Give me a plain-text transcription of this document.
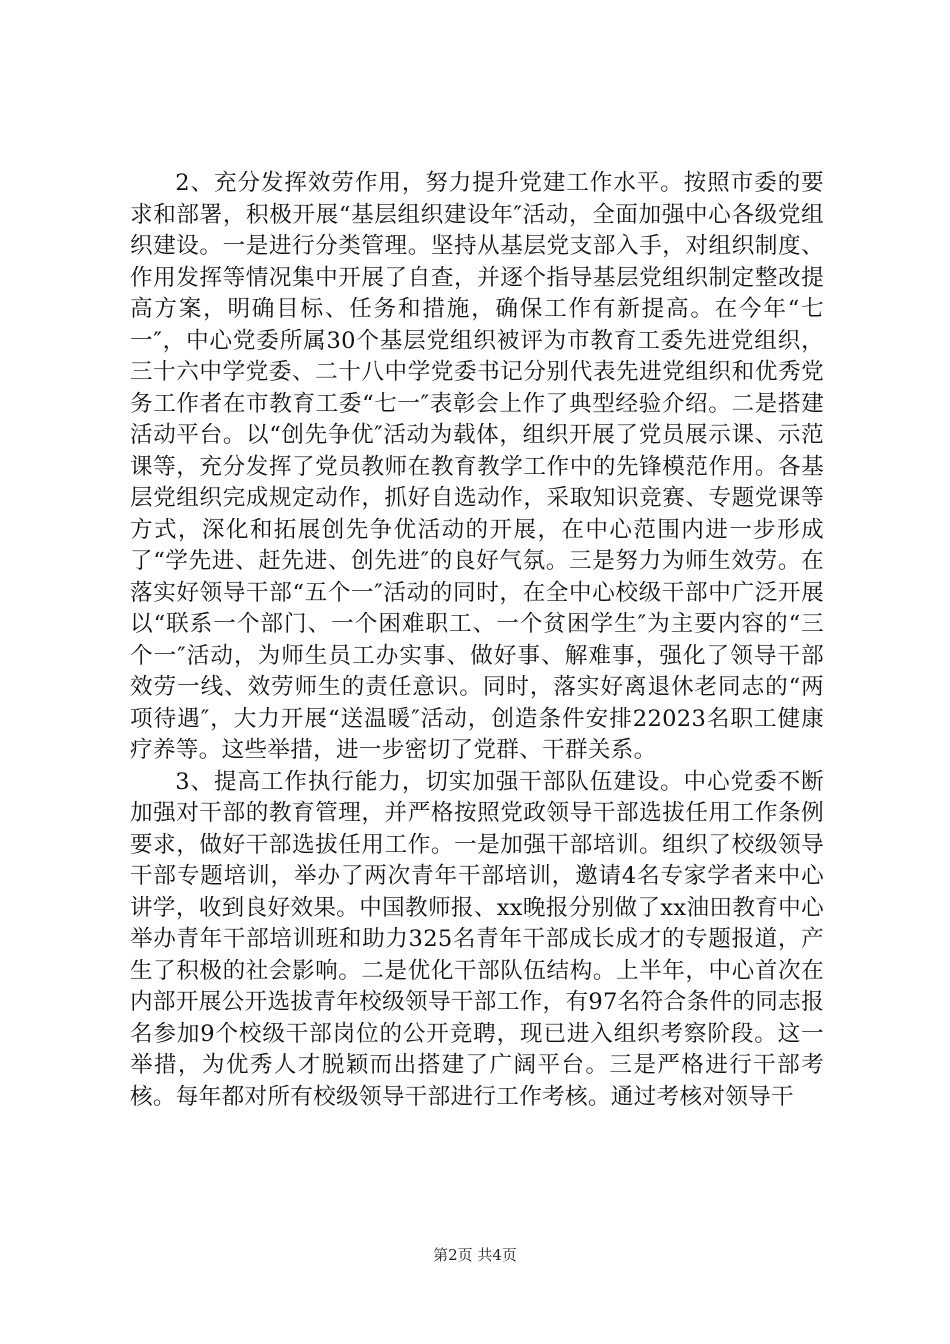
2、充分发挥效劳作用，努力提升党建工作水平。按照市委的要求和部署，积极开展“基层组织建设年″活动，全面加强中心各级党组织建设。一是进行分类管理。坚持从基层党支部入手，对组织制度、作用发挥等情况集中开展了自查，并逐个指导基层党组织制定整改提高方案，明确目标、任务和措施，确保工作有新提高。在今年“七一″，中心党委所属30个基层党组织被评为市教育工委先进党组织，三十六中学党委、二十八中学党委书记分别代表先进党组织和优秀党务工作者在市教育工委“七一″表彰会上作了典型经验介绍。二是搭建活动平台。以“创先争优″活动为载体，组织开展了党员展示课、示范课等，充分发挥了党员教师在教育教学工作中的先锋模范作用。各基层党组织完成规定动作，抓好自选动作，采取知识竞赛、专题党课等方式，深化和拓展创先争优活动的开展，在中心范围内进一步形成了“学先进、赶先进、创先进″的良好气氛。三是努力为师生效劳。在落实好领导干部“五个一″活动的同时，在全中心校级干部中广泛开展以“联系一个部门、一个困难职工、一个贫困学生″为主要内容的“三个一″活动，为师生员工办实事、做好事、解难事，强化了领导干部效劳一线、效劳师生的责任意识。同时，落实好离退休老同志的“两项待遇″，大力开展“送温暖″活动，创造条件安排22023名职工健康疗养等。这些举措，进一步密切了党群、干群关系。

3、提高工作执行能力，切实加强干部队伍建设。中心党委不断加强对干部的教育管理，并严格按照党政领导干部选拔任用工作条例要求，做好干部选拔任用工作。一是加强干部培训。组织了校级领导干部专题培训，举办了两次青年干部培训，邀请4名专家学者来中心讲学，收到良好效果。中国教师报、xx晚报分别做了xx油田教育中心举办青年干部培训班和助力325名青年干部成长成才的专题报道，产生了积极的社会影响。二是优化干部队伍结构。上半年，中心首次在内部开展公开选拔青年校级领导干部工作，有97名符合条件的同志报名参加9个校级干部岗位的公开竞聘，现已进入组织考察阶段。这一举措，为优秀人才脱颖而出搭建了广阔平台。三是严格进行干部考核。每年都对所有校级领导干部进行工作考核。通过考核对领导干

第2页 共4页
